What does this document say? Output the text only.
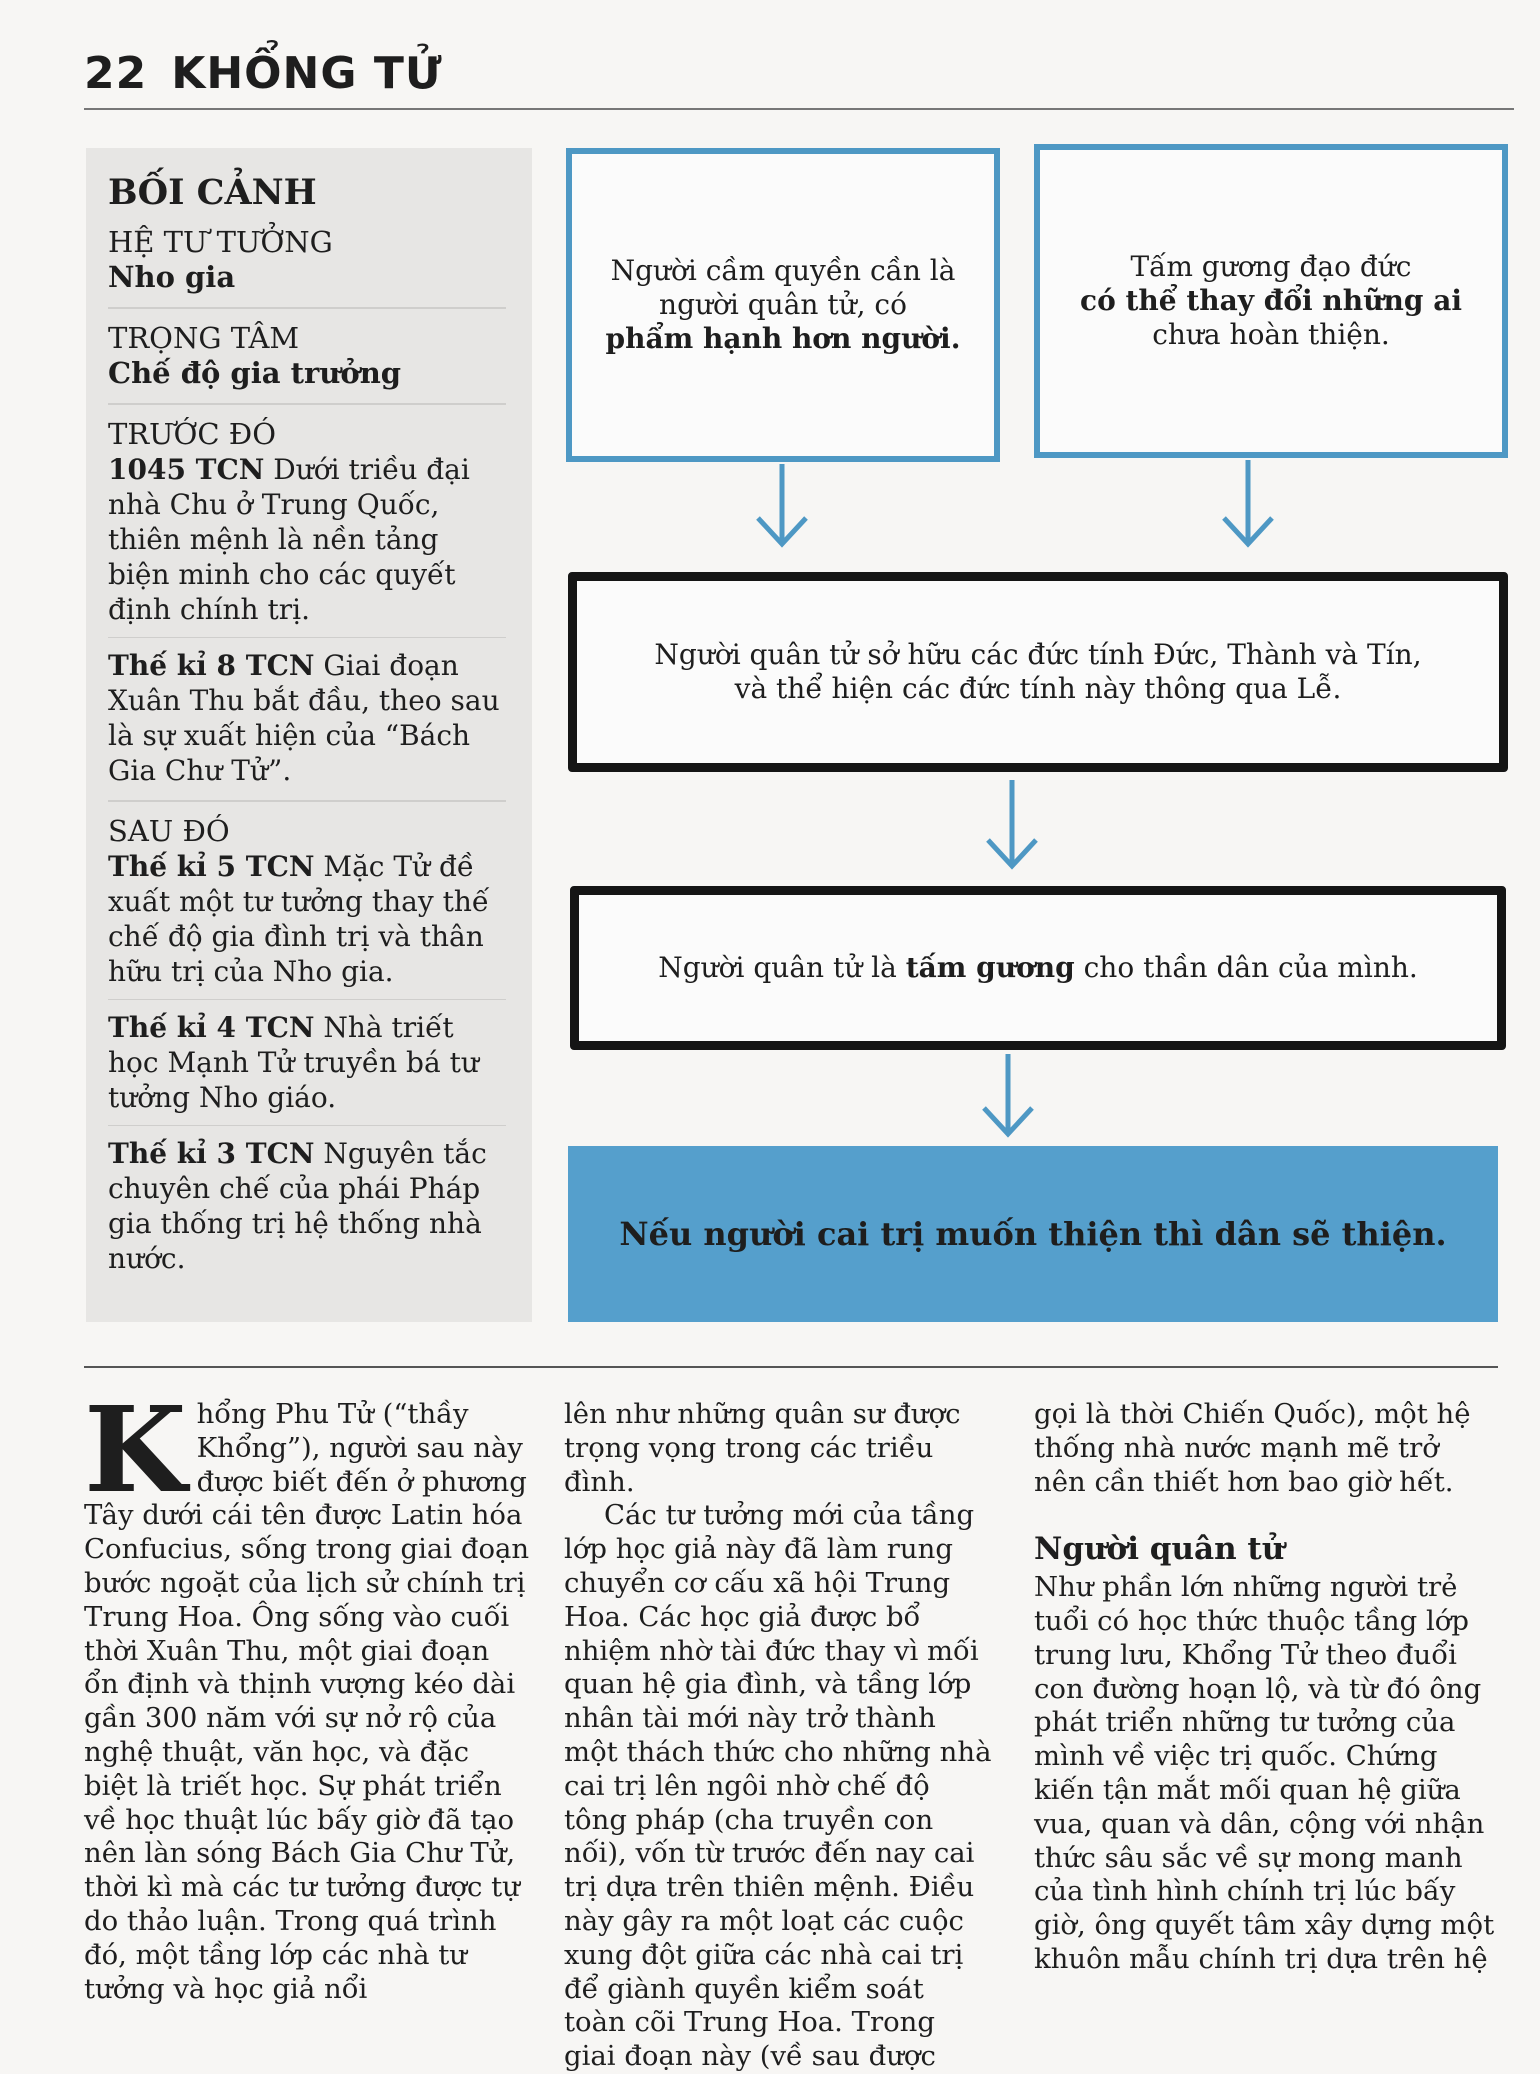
22 KHỔNG TỬ
BỐI CẢNH
HỆ TƯ TƯỞNG
Nho gia
TRỌNG TÂM
Chế độ gia trưởng
TRƯỚC ĐÓ
1045 TCN Dưới triều đại nhà Chu ở Trung Quốc, thiên mệnh là nền tảng biện minh cho các quyết định chính trị.
Thế kỉ 8 TCN Giai đoạn Xuân Thu bắt đầu, theo sau là sự xuất hiện của “Bách Gia Chư Tử”.
SAU ĐÓ
Thế kỉ 5 TCN Mặc Tử đề xuất một tư tưởng thay thế chế độ gia đình trị và thân hữu trị của Nho gia.
Thế kỉ 4 TCN Nhà triết học Mạnh Tử truyền bá tư tưởng Nho giáo.
Thế kỉ 3 TCN Nguyên tắc chuyên chế của phái Pháp gia thống trị hệ thống nhà nước.
Người cầm quyền cần là
người quân tử, có
phẩm hạnh hơn người.
Tấm gương đạo đức
có thể thay đổi những ai
chưa hoàn thiện.
Người quân tử sở hữu các đức tính Đức, Thành và Tín,
và thể hiện các đức tính này thông qua Lễ.
Người quân tử là tấm gương cho thần dân của mình.
Nếu người cai trị muốn thiện thì dân sẽ thiện.

Khổng Phu Tử (“thầy Khổng”), người sau này được biết đến ở phương Tây dưới cái tên được Latin hóa Confucius, sống trong giai đoạn bước ngoặt của lịch sử chính trị Trung Hoa. Ông sống vào cuối thời Xuân Thu, một giai đoạn ổn định và thịnh vượng kéo dài gần 300 năm với sự nở rộ của nghệ thuật, văn học, và đặc biệt là triết học. Sự phát triển về học thuật lúc bấy giờ đã tạo nên làn sóng Bách Gia Chư Tử, thời kì mà các tư tưởng được tự do thảo luận. Trong quá trình đó, một tầng lớp các nhà tư tưởng và học giả nổi

lên như những quân sư được trọng vọng trong các triều đình.

Các tư tưởng mới của tầng lớp học giả này đã làm rung chuyển cơ cấu xã hội Trung Hoa. Các học giả được bổ nhiệm nhờ tài đức thay vì mối quan hệ gia đình, và tầng lớp nhân tài mới này trở thành một thách thức cho những nhà cai trị lên ngôi nhờ chế độ tông pháp (cha truyền con nối), vốn từ trước đến nay cai trị dựa trên thiên mệnh. Điều này gây ra một loạt các cuộc xung đột giữa các nhà cai trị để giành quyền kiểm soát toàn cõi Trung Hoa. Trong giai đoạn này (về sau được

gọi là thời Chiến Quốc), một hệ thống nhà nước mạnh mẽ trở nên cần thiết hơn bao giờ hết.

Người quân tử

Như phần lớn những người trẻ tuổi có học thức thuộc tầng lớp trung lưu, Khổng Tử theo đuổi con đường hoạn lộ, và từ đó ông phát triển những tư tưởng của mình về việc trị quốc. Chứng kiến tận mắt mối quan hệ giữa vua, quan và dân, cộng với nhận thức sâu sắc về sự mong manh của tình hình chính trị lúc bấy giờ, ông quyết tâm xây dựng một khuôn mẫu chính trị dựa trên hệ
